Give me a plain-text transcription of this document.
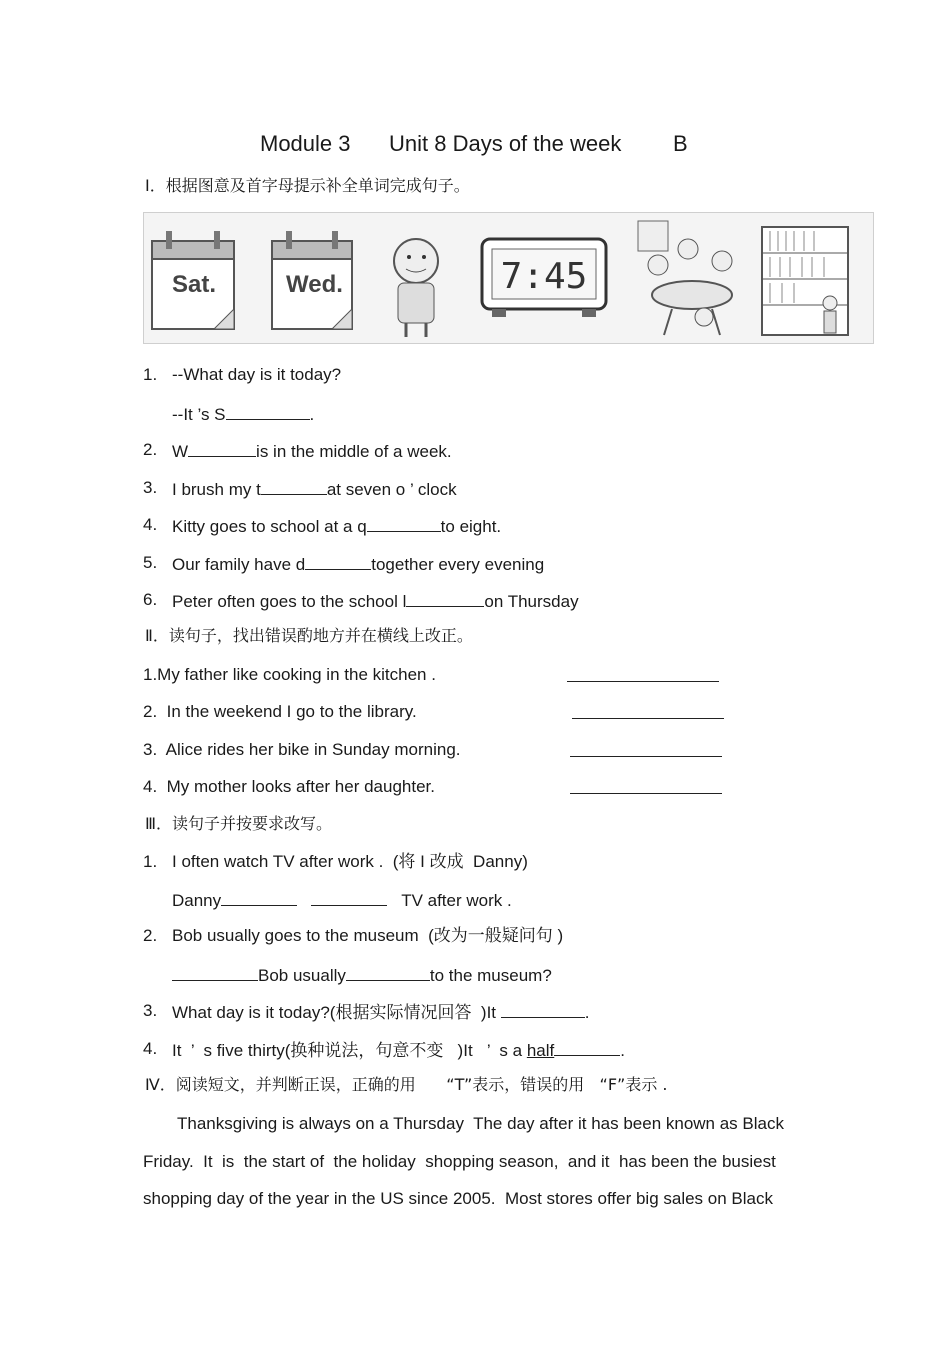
Module 3 Unit 8 Days of the week B
Ⅰ．根据图意及首字母提示补全单词完成句子。
7:45
Sat.	Wed.
1. --What day is it today?
--It ’s S	.
2. W	is in the middle of a week.
3. I brush my t	at seven o ’ clock
4. Kitty goes to school at a q	to eight.
5. Our family have d	together every evening
6. Peter often goes to the school l	on Thursday
Ⅱ．读句子，找出错误酌地方并在横线上改正。
1.My father like cooking in the kitchen .
2.  In the weekend I go to the library.
3.  Alice rides her bike in Sunday morning.
4.  My mother looks after her daughter.
Ⅲ．读句子并按要求改写。
1. I often watch TV after work .  (将 I 改成  Danny)
Danny	TV after work .
2. Bob usually goes to the museum  (改为一般疑问句 )
Bob usually	to the museum?
3. What day is it today?(根据实际情况回答  )It	.
4. It  ’  s five thirty(换种说法，句意不变   )It   ’  s a half	.
Ⅳ．阅读短文，并判断正误，正确的用      “T”表示，错误的用   “F”表示 .
Thanksgiving is always on a Thursday  The day after it has been known as Black
Friday.  It  is  the start of  the holiday  shopping season,  and it  has been the busiest
shopping day of the year in the US since 2005.  Most stores offer big sales on Black
